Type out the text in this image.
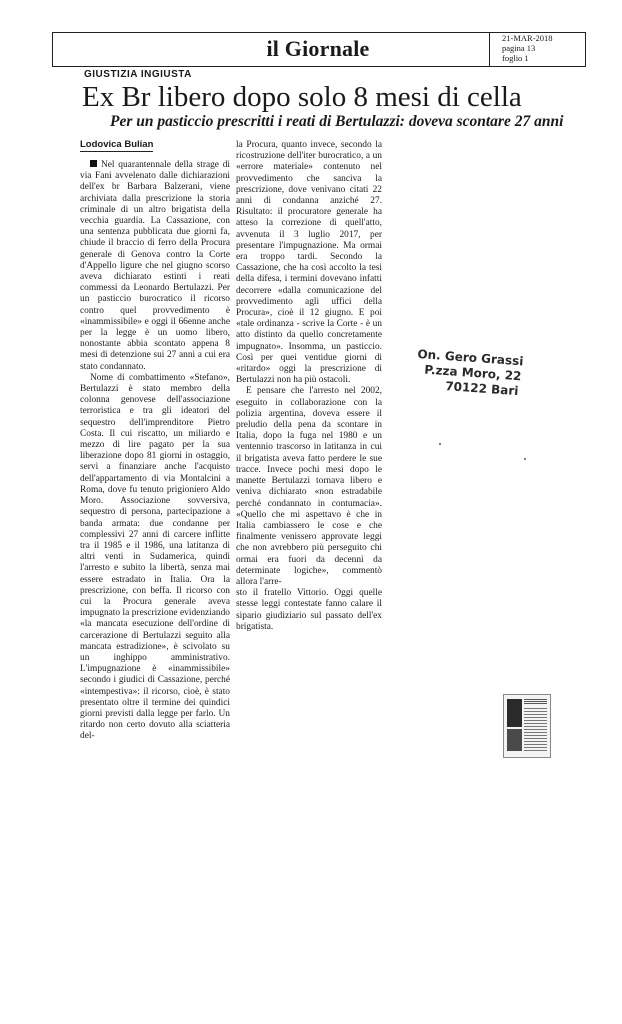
il Giornale	21-MAR-2018
pagina 13
foglio 1
GIUSTIZIA INGIUSTA
Ex Br libero dopo solo 8 mesi di cella
Per un pasticcio prescritti i reati di Bertulazzi: doveva scontare 27 anni
Lodovica Bulian

Nel quarantennale della strage di via Fani avvelenato dalle dichiarazioni dell'ex br Barbara Balzerani, viene archiviata dalla prescrizione la storia criminale di un altro brigatista della vecchia guardia. La Cassazione, con una sentenza pubblicata due giorni fa, chiude il braccio di ferro della Procura generale di Genova contro la Corte d'Appello ligure che nel giugno scorso aveva dichiarato estinti i reati commessi da Leonardo Bertulazzi. Per un pasticcio burocratico il ricorso contro quel provvedimento è «inammissibile» e oggi il 66enne anche per la legge è un uomo libero, nonostante abbia scontato appena 8 mesi di detenzione sui 27 anni a cui era stato condannato.

Nome di combattimento «Stefano», Bertulazzi è stato membro della colonna genovese dell'associazione terroristica e tra gli ideatori del sequestro dell'imprenditore Pietro Costa. Il cui riscatto, un miliardo e mezzo di lire pagato per la sua liberazione dopo 81 giorni in ostaggio, servì a finanziare anche l'acquisto dell'appartamento di via Montalcini a Roma, dove fu tenuto prigioniero Aldo Moro. Associazione sovversiva, sequestro di persona, partecipazione a banda armata: due condanne per complessivi 27 anni di carcere inflitte tra il 1985 e il 1986, una latitanza di altri venti in Sudamerica, quindi l'arresto e subito la libertà, senza mai essere estradato in Italia. Ora la prescrizione, con beffa. Il ricorso con cui la Procura generale aveva impugnato la prescrizione evidenziando «la mancata esecuzione dell'ordine di carcerazione di Bertulazzi seguito alla mancata estradizione», è scivolato su un inghippo amministrativo. L'impugnazione è «inammissibile» secondo i giudici di Cassazione, perché «intempestiva»: il ricorso, cioè, è stato presentato oltre il termine dei quindici giorni previsti dalla legge per farlo. Un ritardo non certo dovuto alla sciatteria del-

la Procura, quanto invece, secondo la ricostruzione dell'iter burocratico, a un «errore materiale» contenuto nel provvedimento che sanciva la prescrizione, dove venivano citati 22 anni di condanna anziché 27. Risultato: il procuratore generale ha atteso la correzione di quell'atto, avvenuta il 3 luglio 2017, per presentare l'impugnazione. Ma ormai era troppo tardi. Secondo la Cassazione, che ha così accolto la tesi della difesa, i termini dovevano infatti decorrere «dalla comunicazione del provvedimento agli uffici della Procura», cioè il 12 giugno. E poi «tale ordinanza - scrive la Corte - è un atto distinto da quello concretamente impugnato». Insomma, un pasticcio. Così per quei ventidue giorni di «ritardo» oggi la prescrizione di Bertulazzi non ha più ostacoli.

E pensare che l'arresto nel 2002, eseguito in collaborazione con la polizia argentina, doveva essere il preludio della pena da scontare in Italia, dopo la fuga nel 1980 e un ventennio trascorso in latitanza in cui il brigatista aveva fatto perdere le sue tracce. Invece pochi mesi dopo le manette Bertulazzi tornava libero e veniva dichiarato «non estradabile perché condannato in contumacia». «Quello che mi aspettavo è che in Italia cambiassero le cose e che finalmente venissero approvate leggi che non avrebbero più perseguito chi ormai era fuori da decenni da determinate logiche», commentò allora l'arre-

sto il fratello Vittorio. Oggi quelle stesse leggi contestate fanno calare il sipario giudiziario sul passato dell'ex brigatista.

On. Gero Grassi
P.zza Moro, 22
70122 Bari
